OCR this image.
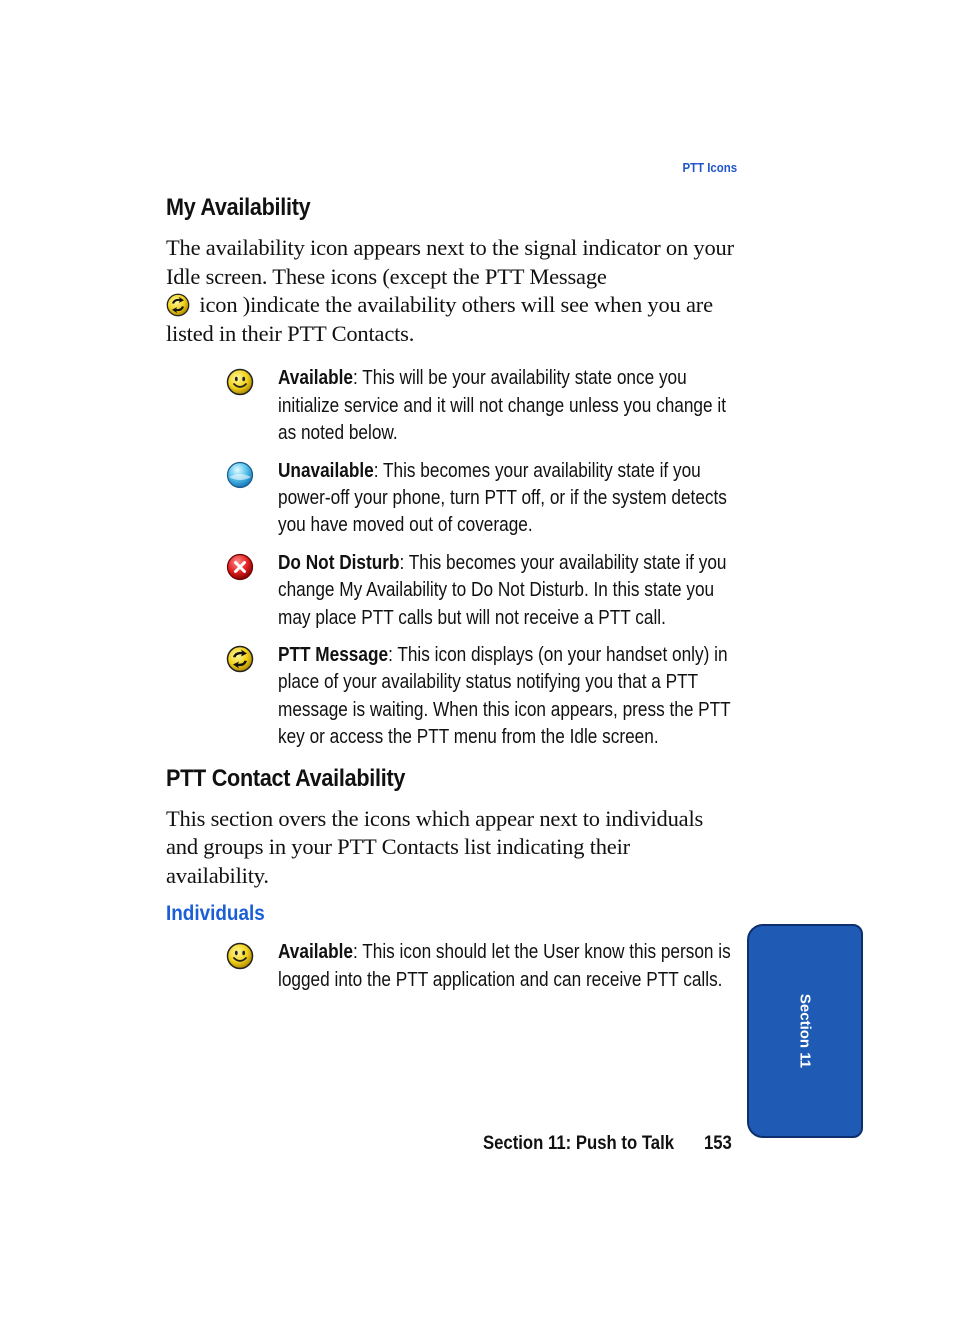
PTT Icons
My Availability

The availability icon appears next to the signal indicator on your Idle screen. These icons (except the PTT Message
icon )indicate the availability others will see when you are listed in their PTT Contacts.

Available: This will be your availability state once you initialize service and it will not change unless you change it as noted below.
Unavailable: This becomes your availability state if you power-off your phone, turn PTT off, or if the system detects you have moved out of coverage.
Do Not Disturb: This becomes your availability state if you change My Availability to Do Not Disturb. In this state you may place PTT calls but will not receive a PTT call.
PTT Message: This icon displays (on your handset only) in place of your availability status notifying you that a PTT message is waiting. When this icon appears, press the PTT key or access the PTT menu from the Idle screen.
PTT Contact Availability

This section overs the icons which appear next to individuals and groups in your PTT Contacts list indicating their availability.

Individuals
Available: This icon should let the User know this person is logged into the PTT application and can receive PTT calls.
Section 11
Section 11: Push to Talk 153
